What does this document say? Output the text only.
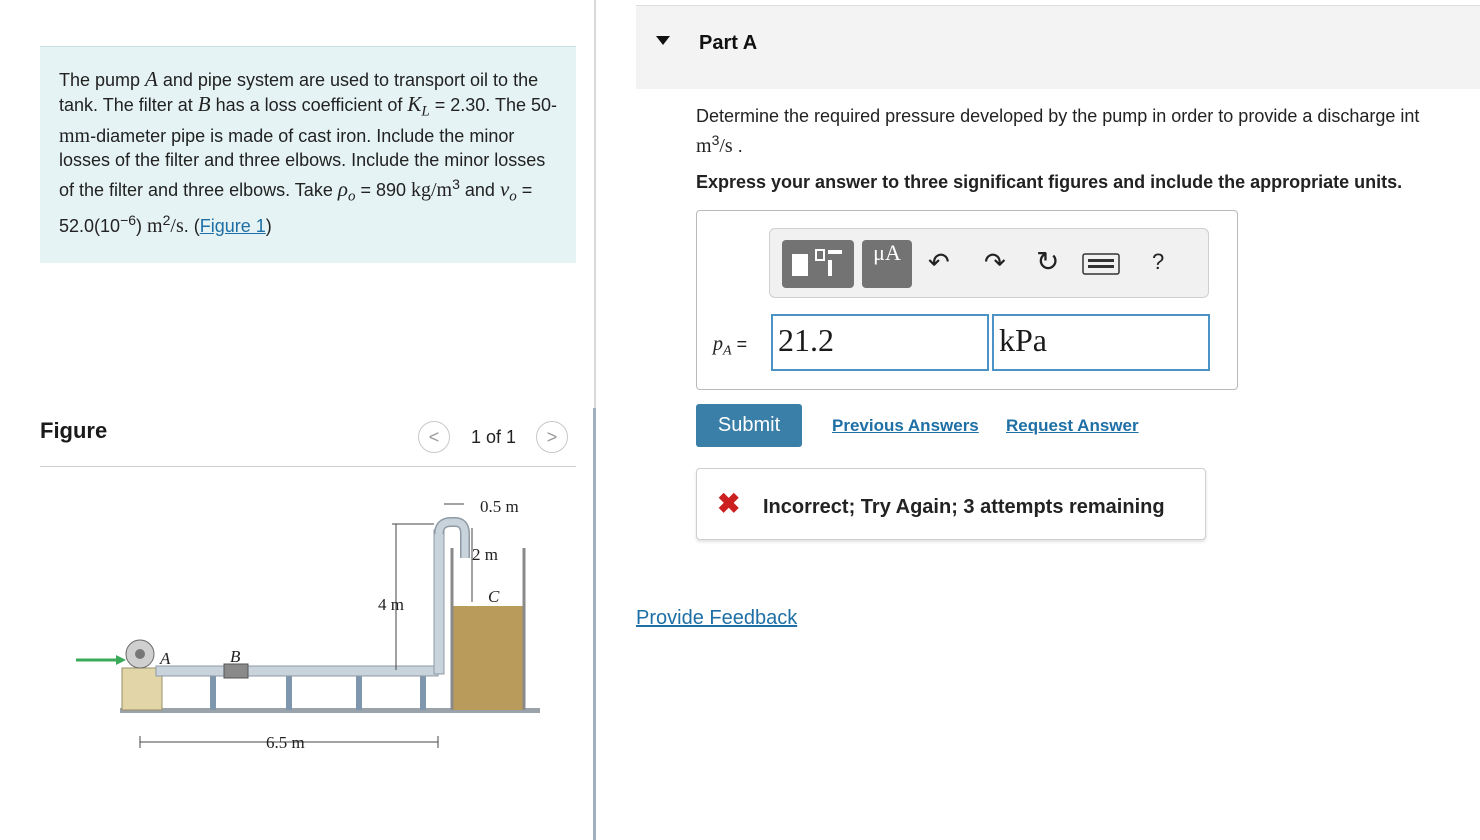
The pump A and pipe system are used to transport oil to the tank. The filter at B has a loss coefficient of $K_L = 2.30$. The 50-mm-diameter pipe is made of cast iron. Include the minor losses of the filter and three elbows. Include the minor losses of the filter and three elbows. Take $\rho_o = 890$ $kg/m^3$ and $\nu_o = 52.0(10^{-6})$ $m^2/s$. (Figure 1)
Figure	<	1 of 1	>
0.5 m
2 m
C
4 m
A	B
6.5 m
Part A
Determine the required pressure developed by the pump in order to provide a discharge int
$m^3/s$ .
Express your answer to three significant figures and include the appropriate units.
μA	↶ ↷ ↻	?
$p_A = 21.2$	kPa
Submit	Previous Answers Request Answer
✖ Incorrect; Try Again; 3 attempts remaining
Provide Feedback
